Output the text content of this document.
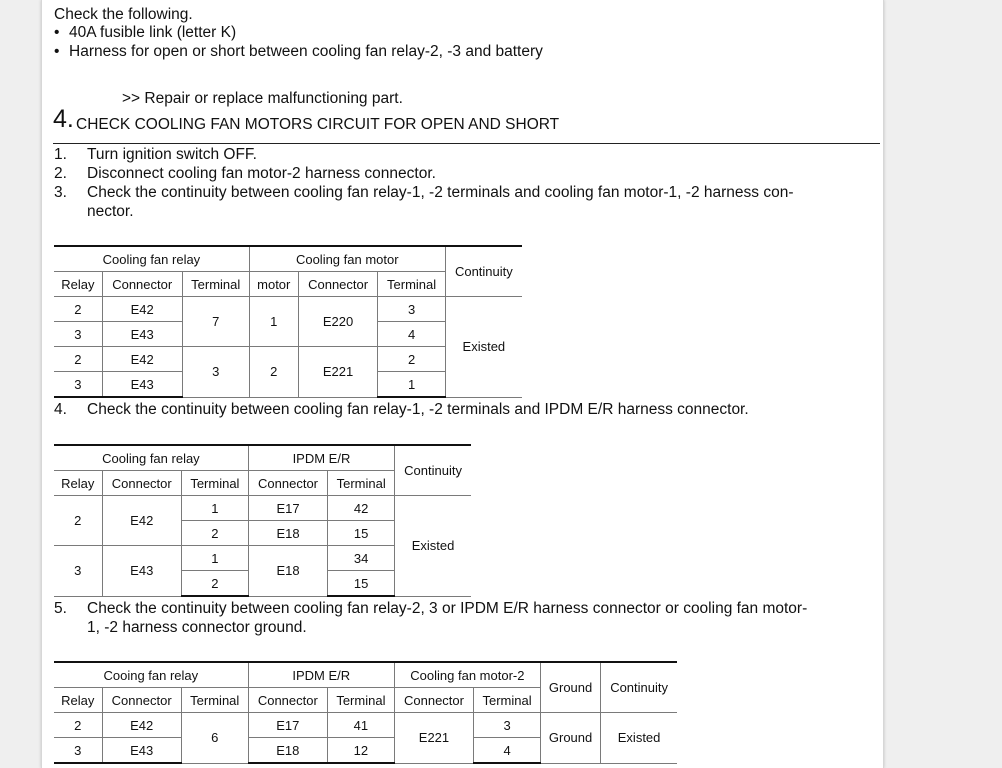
Check the following.
• 40A fusible link (letter K)
• Harness for open or short between cooling fan relay-2, -3 and battery
>> Repair or replace malfunctioning part.
4. CHECK COOLING FAN MOTORS CIRCUIT FOR OPEN AND SHORT
1. Turn ignition switch OFF.
2. Disconnect cooling fan motor-2 harness connector.
3. Check the continuity between cooling fan relay-1, -2 terminals and cooling fan motor-1, -2 harness con-
nector.
Cooling fan relay			Cooling fan motor			Continuity
Relay	Connector	Terminal	motor	Connector	Terminal	
2	E42	7	1	E220	3	Existed
3	E43				4	
2	E42	3	2	E221	2	
3	E43				1	
4. Check the continuity between cooling fan relay-1, -2 terminals and IPDM E/R harness connector.
Cooling fan relay			IPDM E/R		Continuity
Relay	Connector	Terminal	Connector	Terminal	
2	E42	1	E17	42	Existed
		2	E18	15	
3	E43	1	E18	34	
		2		15	
5. Check the continuity between cooling fan relay-2, 3 or IPDM E/R harness connector or cooling fan motor-
1, -2 harness connector ground.
Cooing fan relay			IPDM E/R		Cooling fan motor-2		Ground	Continuity
Relay	Connector	Terminal	Connector	Terminal	Connector	Terminal		
2	E42	6	E17	41	E221	3	Ground	Existed
3	E43		E18	12		4		
